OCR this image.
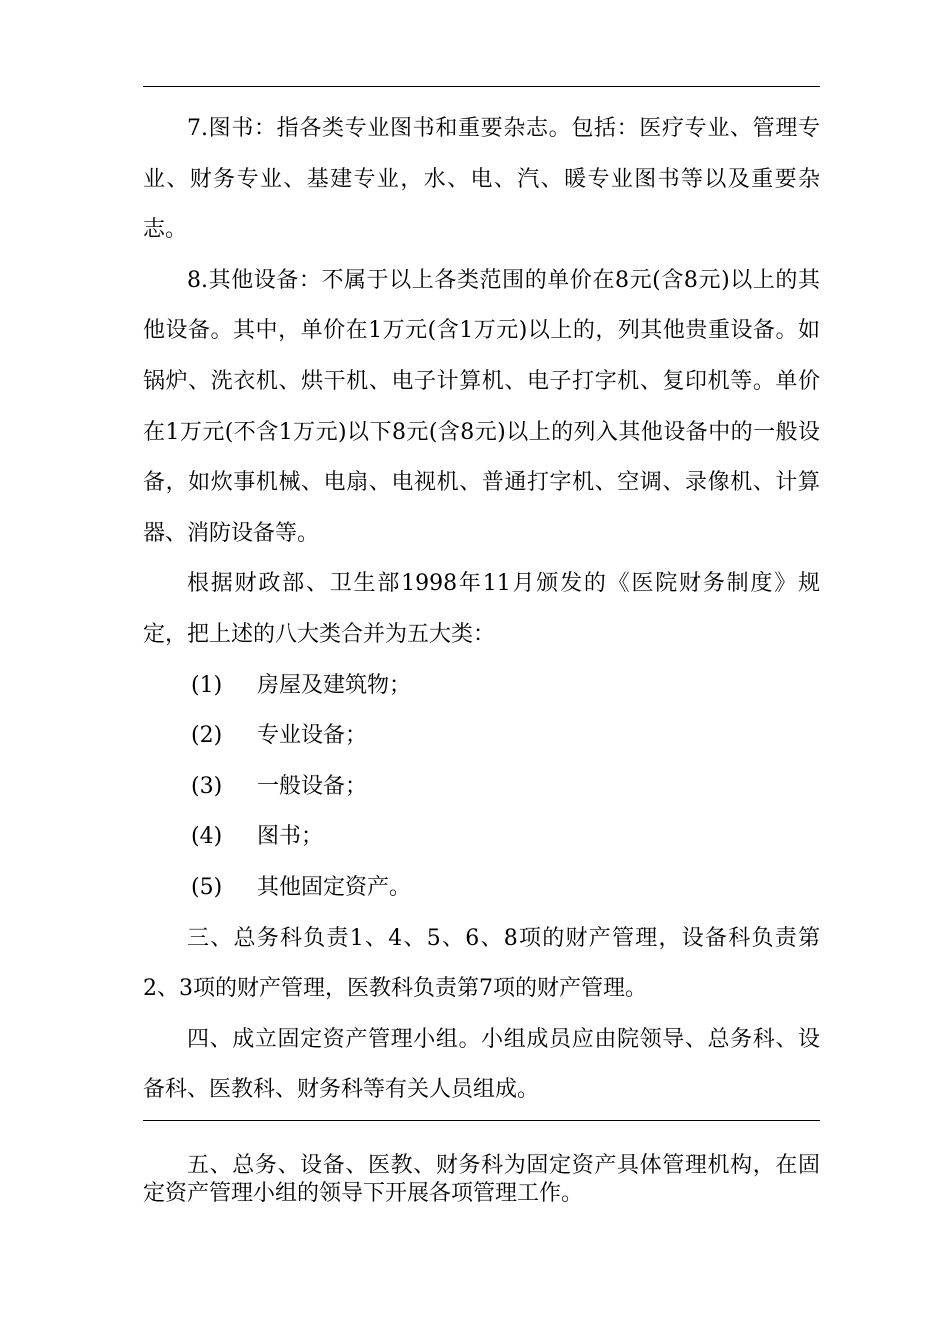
7.图书：指各类专业图书和重要杂志。包括：医疗专业、管理专业、财务专业、基建专业，水、电、汽、暖专业图书等以及重要杂志。

8.其他设备：不属于以上各类范围的单价在8元(含8元)以上的其他设备。其中，单价在1万元(含1万元)以上的，列其他贵重设备。如锅炉、洗衣机、烘干机、电子计算机、电子打字机、复印机等。单价在1万元(不含1万元)以下8元(含8元)以上的列入其他设备中的一般设备，如炊事机械、电扇、电视机、普通打字机、空调、录像机、计算器、消防设备等。

根据财政部、卫生部1998年11月颁发的《医院财务制度》规定，把上述的八大类合并为五大类：

(1) 房屋及建筑物；

(2) 专业设备；

(3) 一般设备；

(4) 图书；

(5) 其他固定资产。

三、总务科负责1、4、5、6、8项的财产管理，设备科负责第2、3项的财产管理，医教科负责第7项的财产管理。

四、成立固定资产管理小组。小组成员应由院领导、总务科、设备科、医教科、财务科等有关人员组成。

五、总务、设备、医教、财务科为固定资产具体管理机构，在固定资产管理小组的领导下开展各项管理工作。
